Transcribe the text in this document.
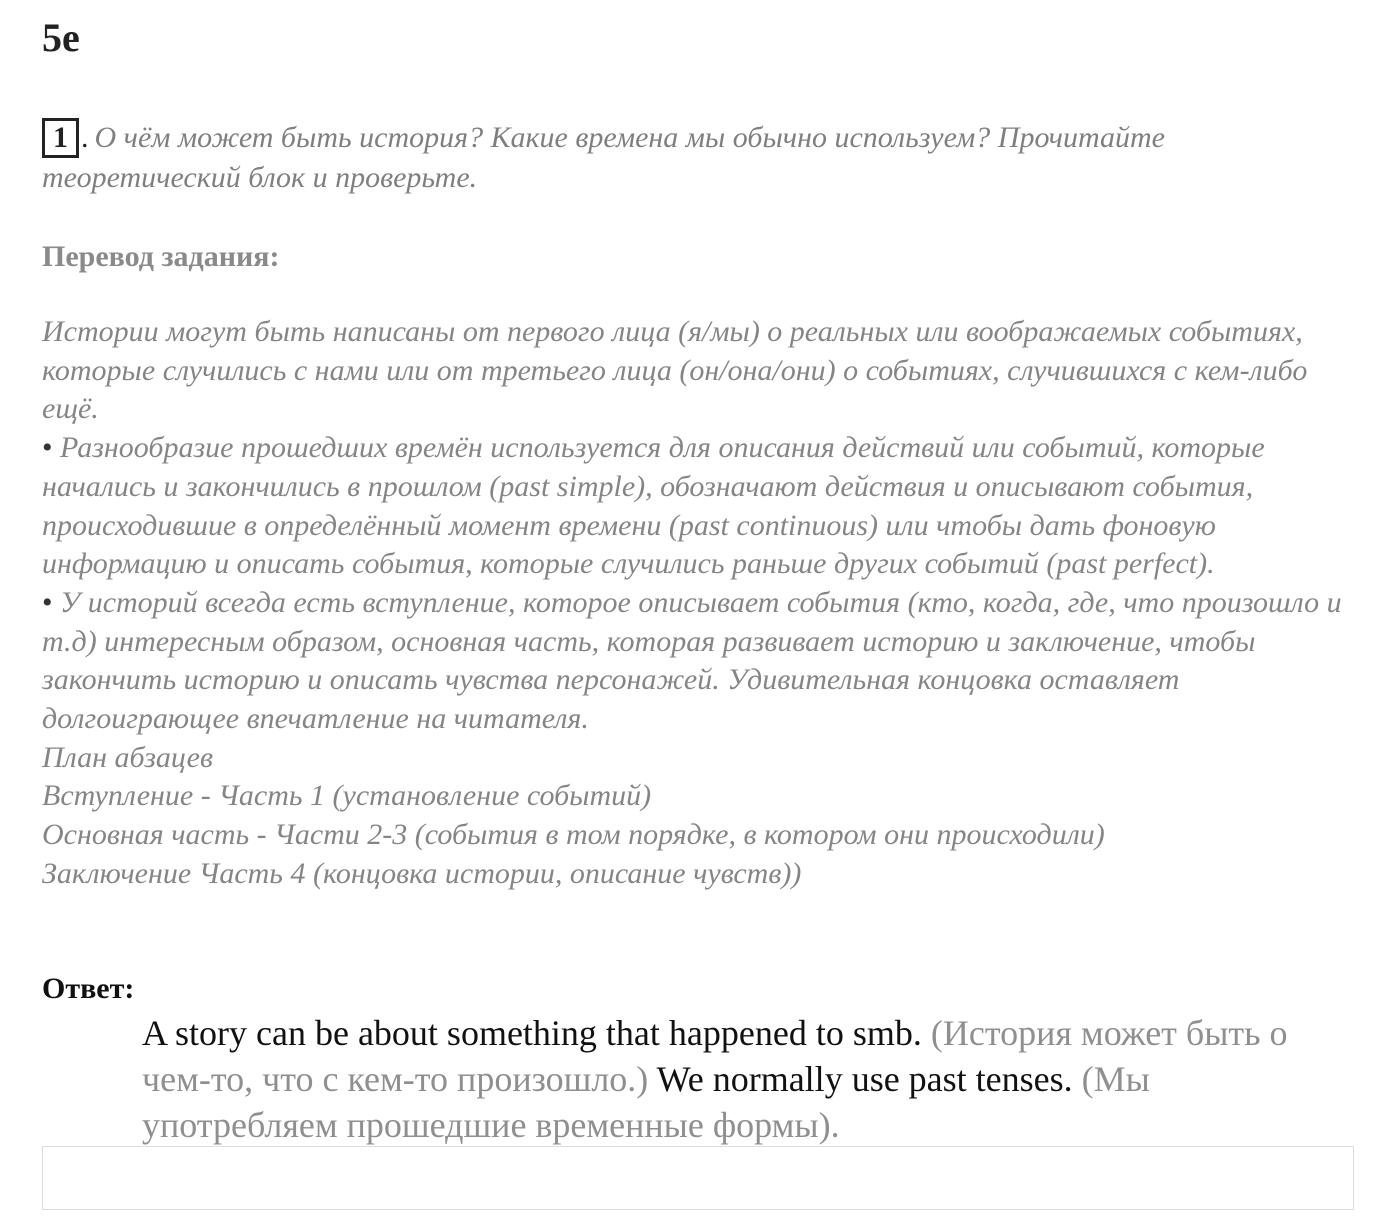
5e
1 . О чём может быть история? Какие времена мы обычно используем? Прочитайте теоретический блок и проверьте.
Перевод задания:

Истории могут быть написаны от первого лица (я/мы) о реальных или воображаемых событиях, которые случились с нами или от третьего лица (он/она/они) о событиях, случившихся с кем-либо ещё.

• Разнообразие прошедших времён используется для описания действий или событий, которые начались и закончились в прошлом (past simple), обозначают действия и описывают события, происходившие в определённый момент времени (past continuous) или чтобы дать фоновую информацию и описать события, которые случились раньше других событий (past perfect).

• У историй всегда есть вступление, которое описывает события (кто, когда, где, что произошло и т.д) интересным образом, основная часть, которая развивает историю и заключение, чтобы закончить историю и описать чувства персонажей. Удивительная концовка оставляет долгоиграющее впечатление на читателя.

План абзацев

Вступление - Часть 1 (установление событий)

Основная часть - Части 2-3 (события в том порядке, в котором они происходили)

Заключение Часть 4 (концовка истории, описание чувств))

Ответ:
A story can be about something that happened to smb. (История может быть о чем-то, что с кем-то произошло.) We normally use past tenses. (Мы употребляем прошедшие временные формы).
